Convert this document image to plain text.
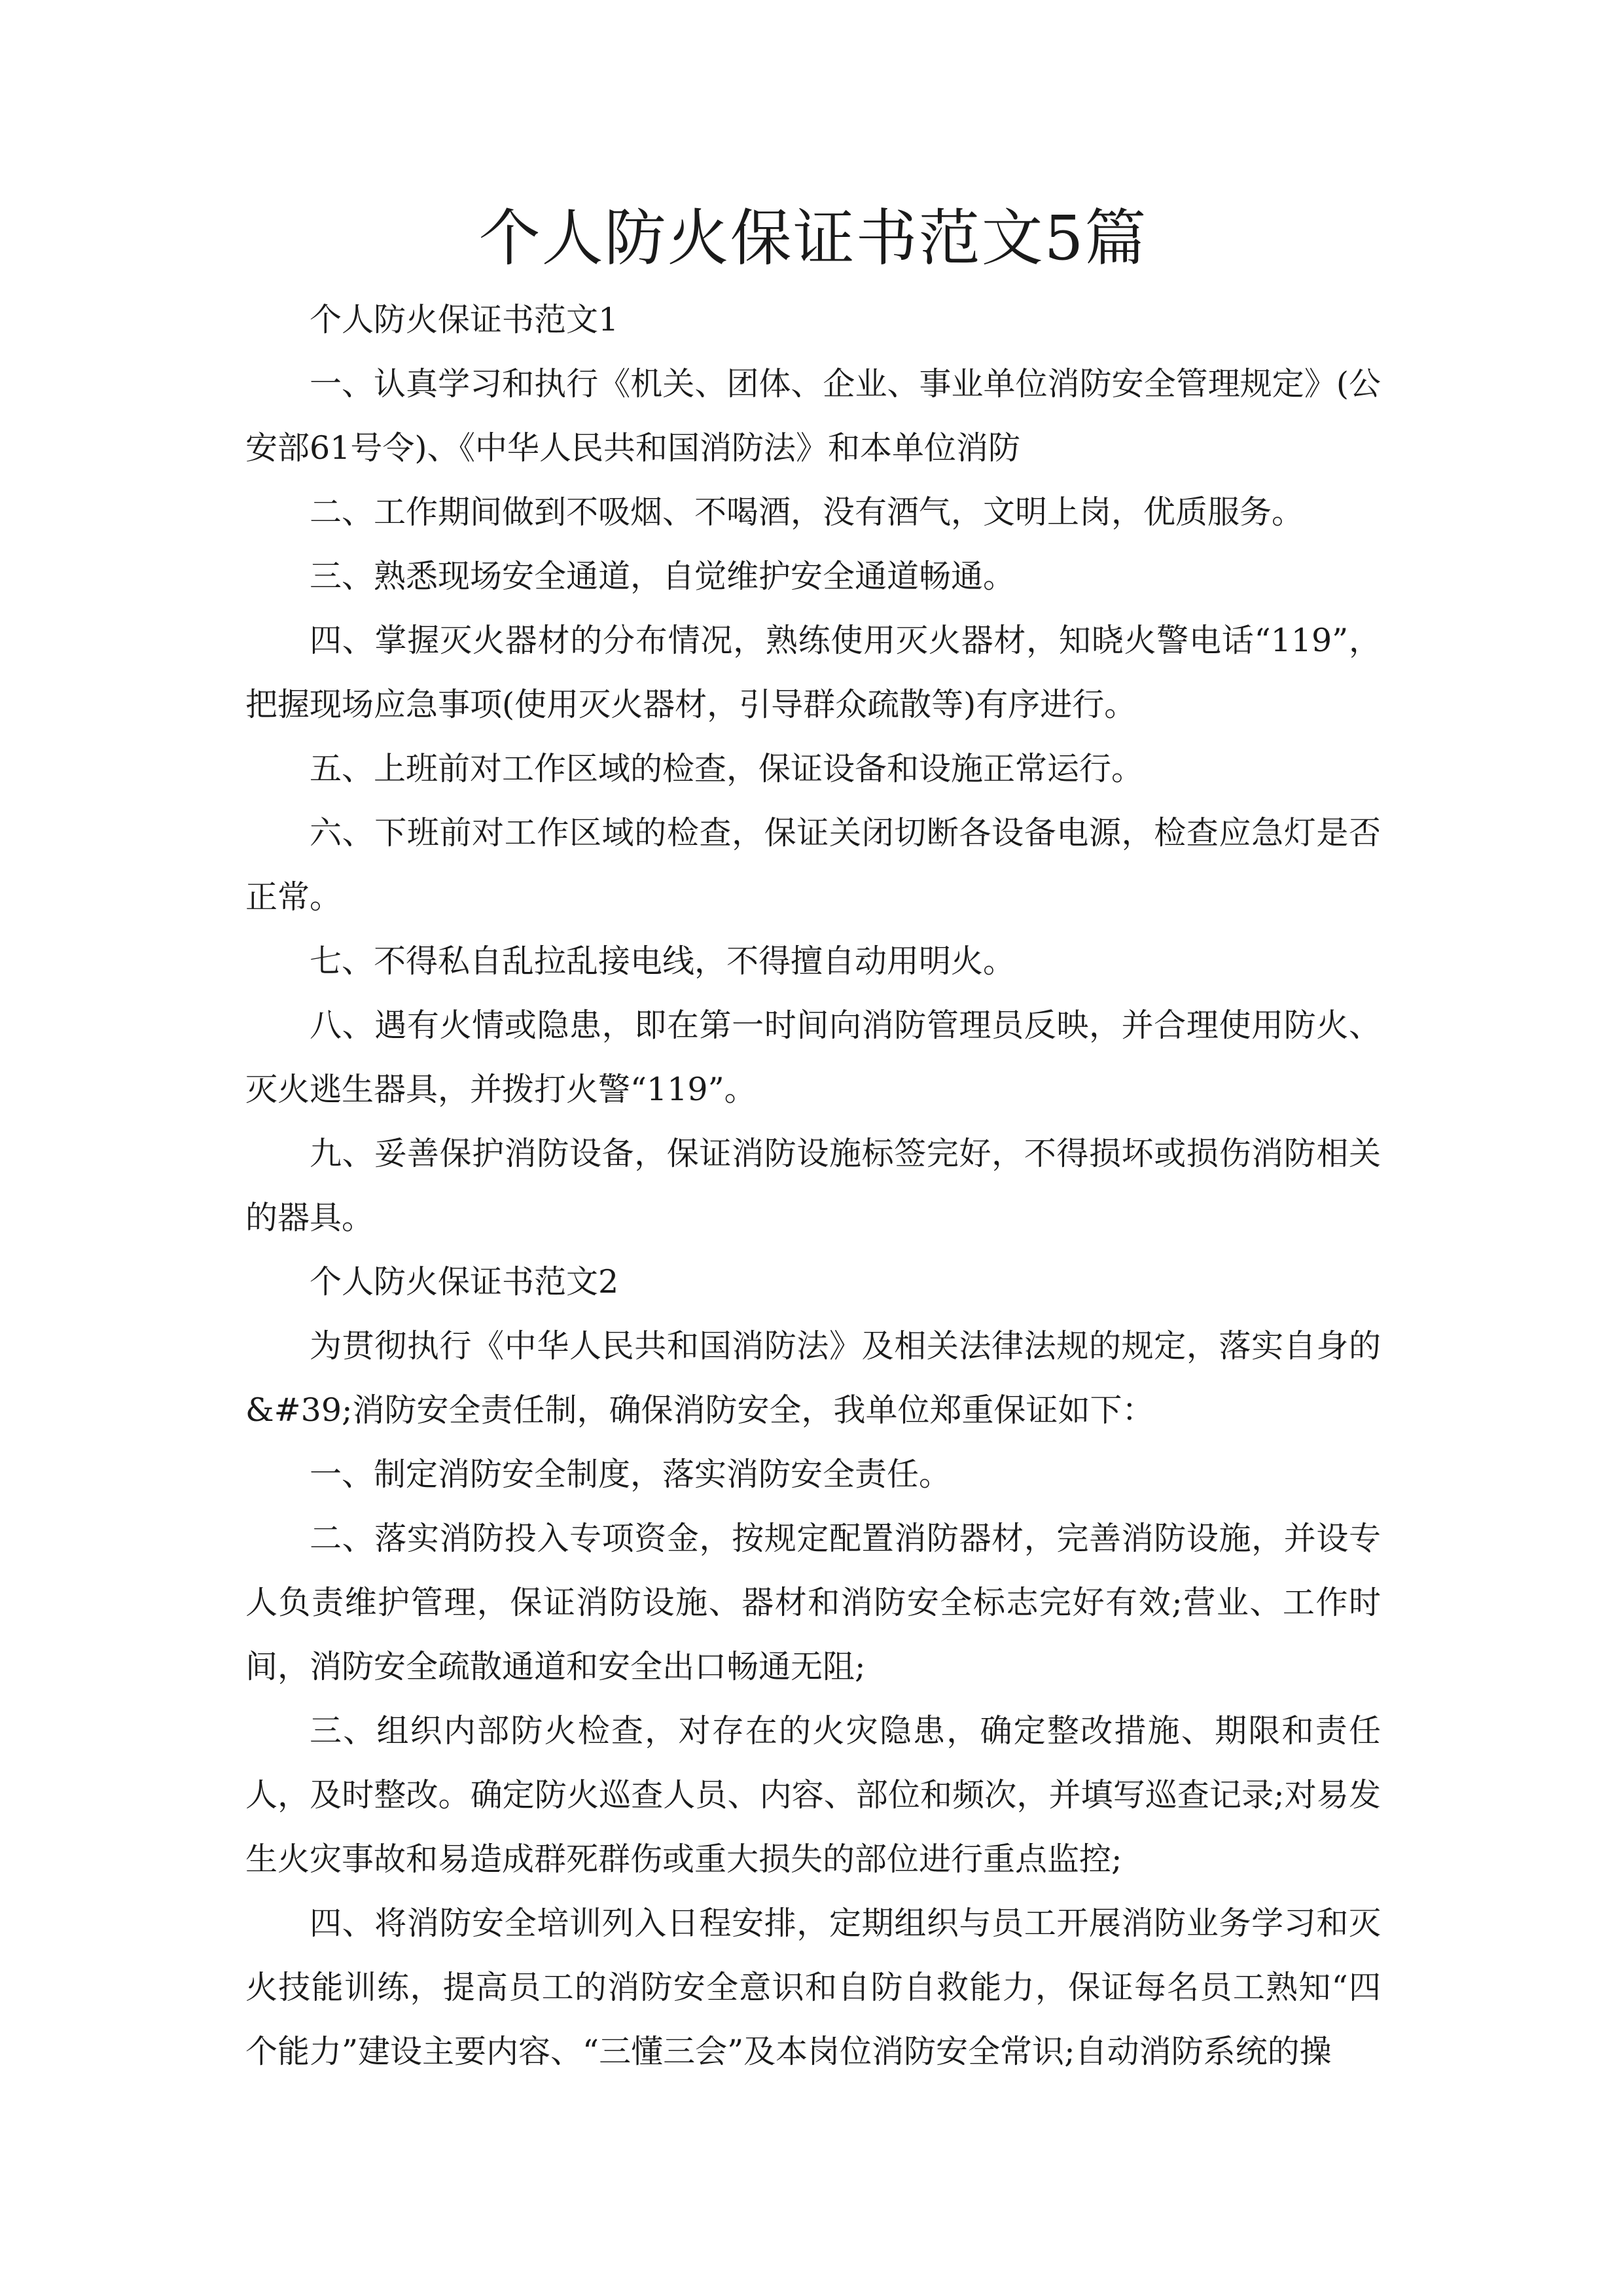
个人防火保证书范文5篇

个人防火保证书范文1

一、认真学习和执行《机关、团体、企业、事业单位消防安全管理规定》(公安部61号令)、《中华人民共和国消防法》和本单位消防

二、工作期间做到不吸烟、不喝酒，没有酒气，文明上岗，优质服务。

三、熟悉现场安全通道，自觉维护安全通道畅通。

四、掌握灭火器材的分布情况，熟练使用灭火器材，知晓火警电话“119”，把握现场应急事项(使用灭火器材，引导群众疏散等)有序进行。

五、上班前对工作区域的检查，保证设备和设施正常运行。

六、下班前对工作区域的检查，保证关闭切断各设备电源，检查应急灯是否正常。

七、不得私自乱拉乱接电线，不得擅自动用明火。

八、遇有火情或隐患，即在第一时间向消防管理员反映，并合理使用防火、灭火逃生器具，并拨打火警“119”。

九、妥善保护消防设备，保证消防设施标签完好，不得损坏或损伤消防相关的器具。

个人防火保证书范文2

为贯彻执行《中华人民共和国消防法》及相关法律法规的规定，落实自身的&#39;消防安全责任制，确保消防安全，我单位郑重保证如下：

一、制定消防安全制度，落实消防安全责任。

二、落实消防投入专项资金，按规定配置消防器材，完善消防设施，并设专人负责维护管理，保证消防设施、器材和消防安全标志完好有效;营业、工作时间，消防安全疏散通道和安全出口畅通无阻;

三、组织内部防火检查，对存在的火灾隐患，确定整改措施、期限和责任人，及时整改。确定防火巡查人员、内容、部位和频次，并填写巡查记录;对易发生火灾事故和易造成群死群伤或重大损失的部位进行重点监控;

四、将消防安全培训列入日程安排，定期组织与员工开展消防业务学习和灭火技能训练，提高员工的消防安全意识和自防自救能力，保证每名员工熟知“四个能力”建设主要内容、“三懂三会”及本岗位消防安全常识;自动消防系统的操
